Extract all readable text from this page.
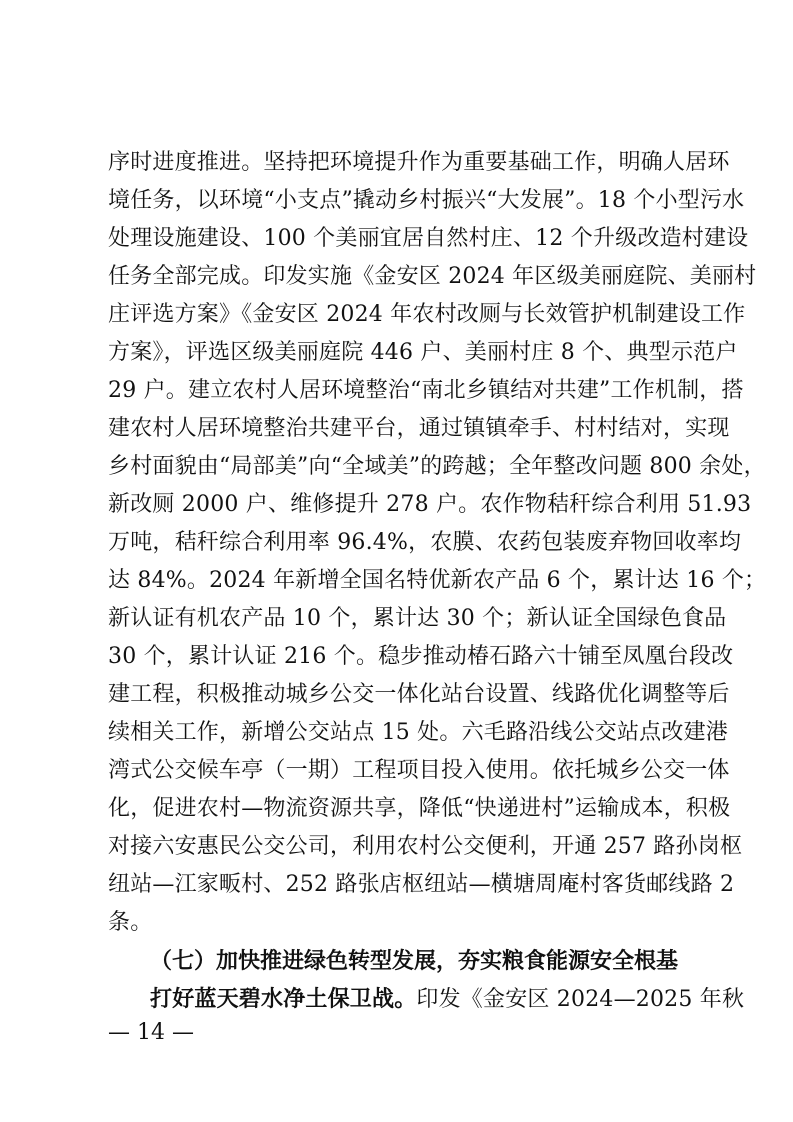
序时进度推进。坚持把环境提升作为重要基础工作，明确人居环
境任务，以环境“小支点”撬动乡村振兴“大发展”。18 个小型污水
处理设施建设、100 个美丽宜居自然村庄、12 个升级改造村建设
任务全部完成。印发实施《金安区 2024 年区级美丽庭院、美丽村
庄评选方案》《金安区 2024 年农村改厕与长效管护机制建设工作
方案》，评选区级美丽庭院 446 户、美丽村庄 8 个、典型示范户
29 户。建立农村人居环境整治“南北乡镇结对共建”工作机制，搭
建农村人居环境整治共建平台，通过镇镇牵手、村村结对，实现
乡村面貌由“局部美”向“全域美”的跨越；全年整改问题 800 余处，
新改厕 2000 户、维修提升 278 户。农作物秸秆综合利用 51.93
万吨，秸秆综合利用率 96.4%，农膜、农药包装废弃物回收率均
达 84%。2024 年新增全国名特优新农产品 6 个，累计达 16 个；
新认证有机农产品 10 个，累计达 30 个；新认证全国绿色食品
30 个，累计认证 216 个。稳步推动椿石路六十铺至凤凰台段改
建工程，积极推动城乡公交一体化站台设置、线路优化调整等后
续相关工作，新增公交站点 15 处。六毛路沿线公交站点改建港
湾式公交候车亭（一期）工程项目投入使用。依托城乡公交一体
化，促进农村—物流资源共享，降低“快递进村”运输成本，积极
对接六安惠民公交公司，利用农村公交便利，开通 257 路孙岗枢
纽站—江家畈村、252 路张店枢纽站—横塘周庵村客货邮线路 2
条。
（七）加快推进绿色转型发展，夯实粮食能源安全根基
打好蓝天碧水净土保卫战。印发《金安区 2024—2025 年秋
— 14 —
